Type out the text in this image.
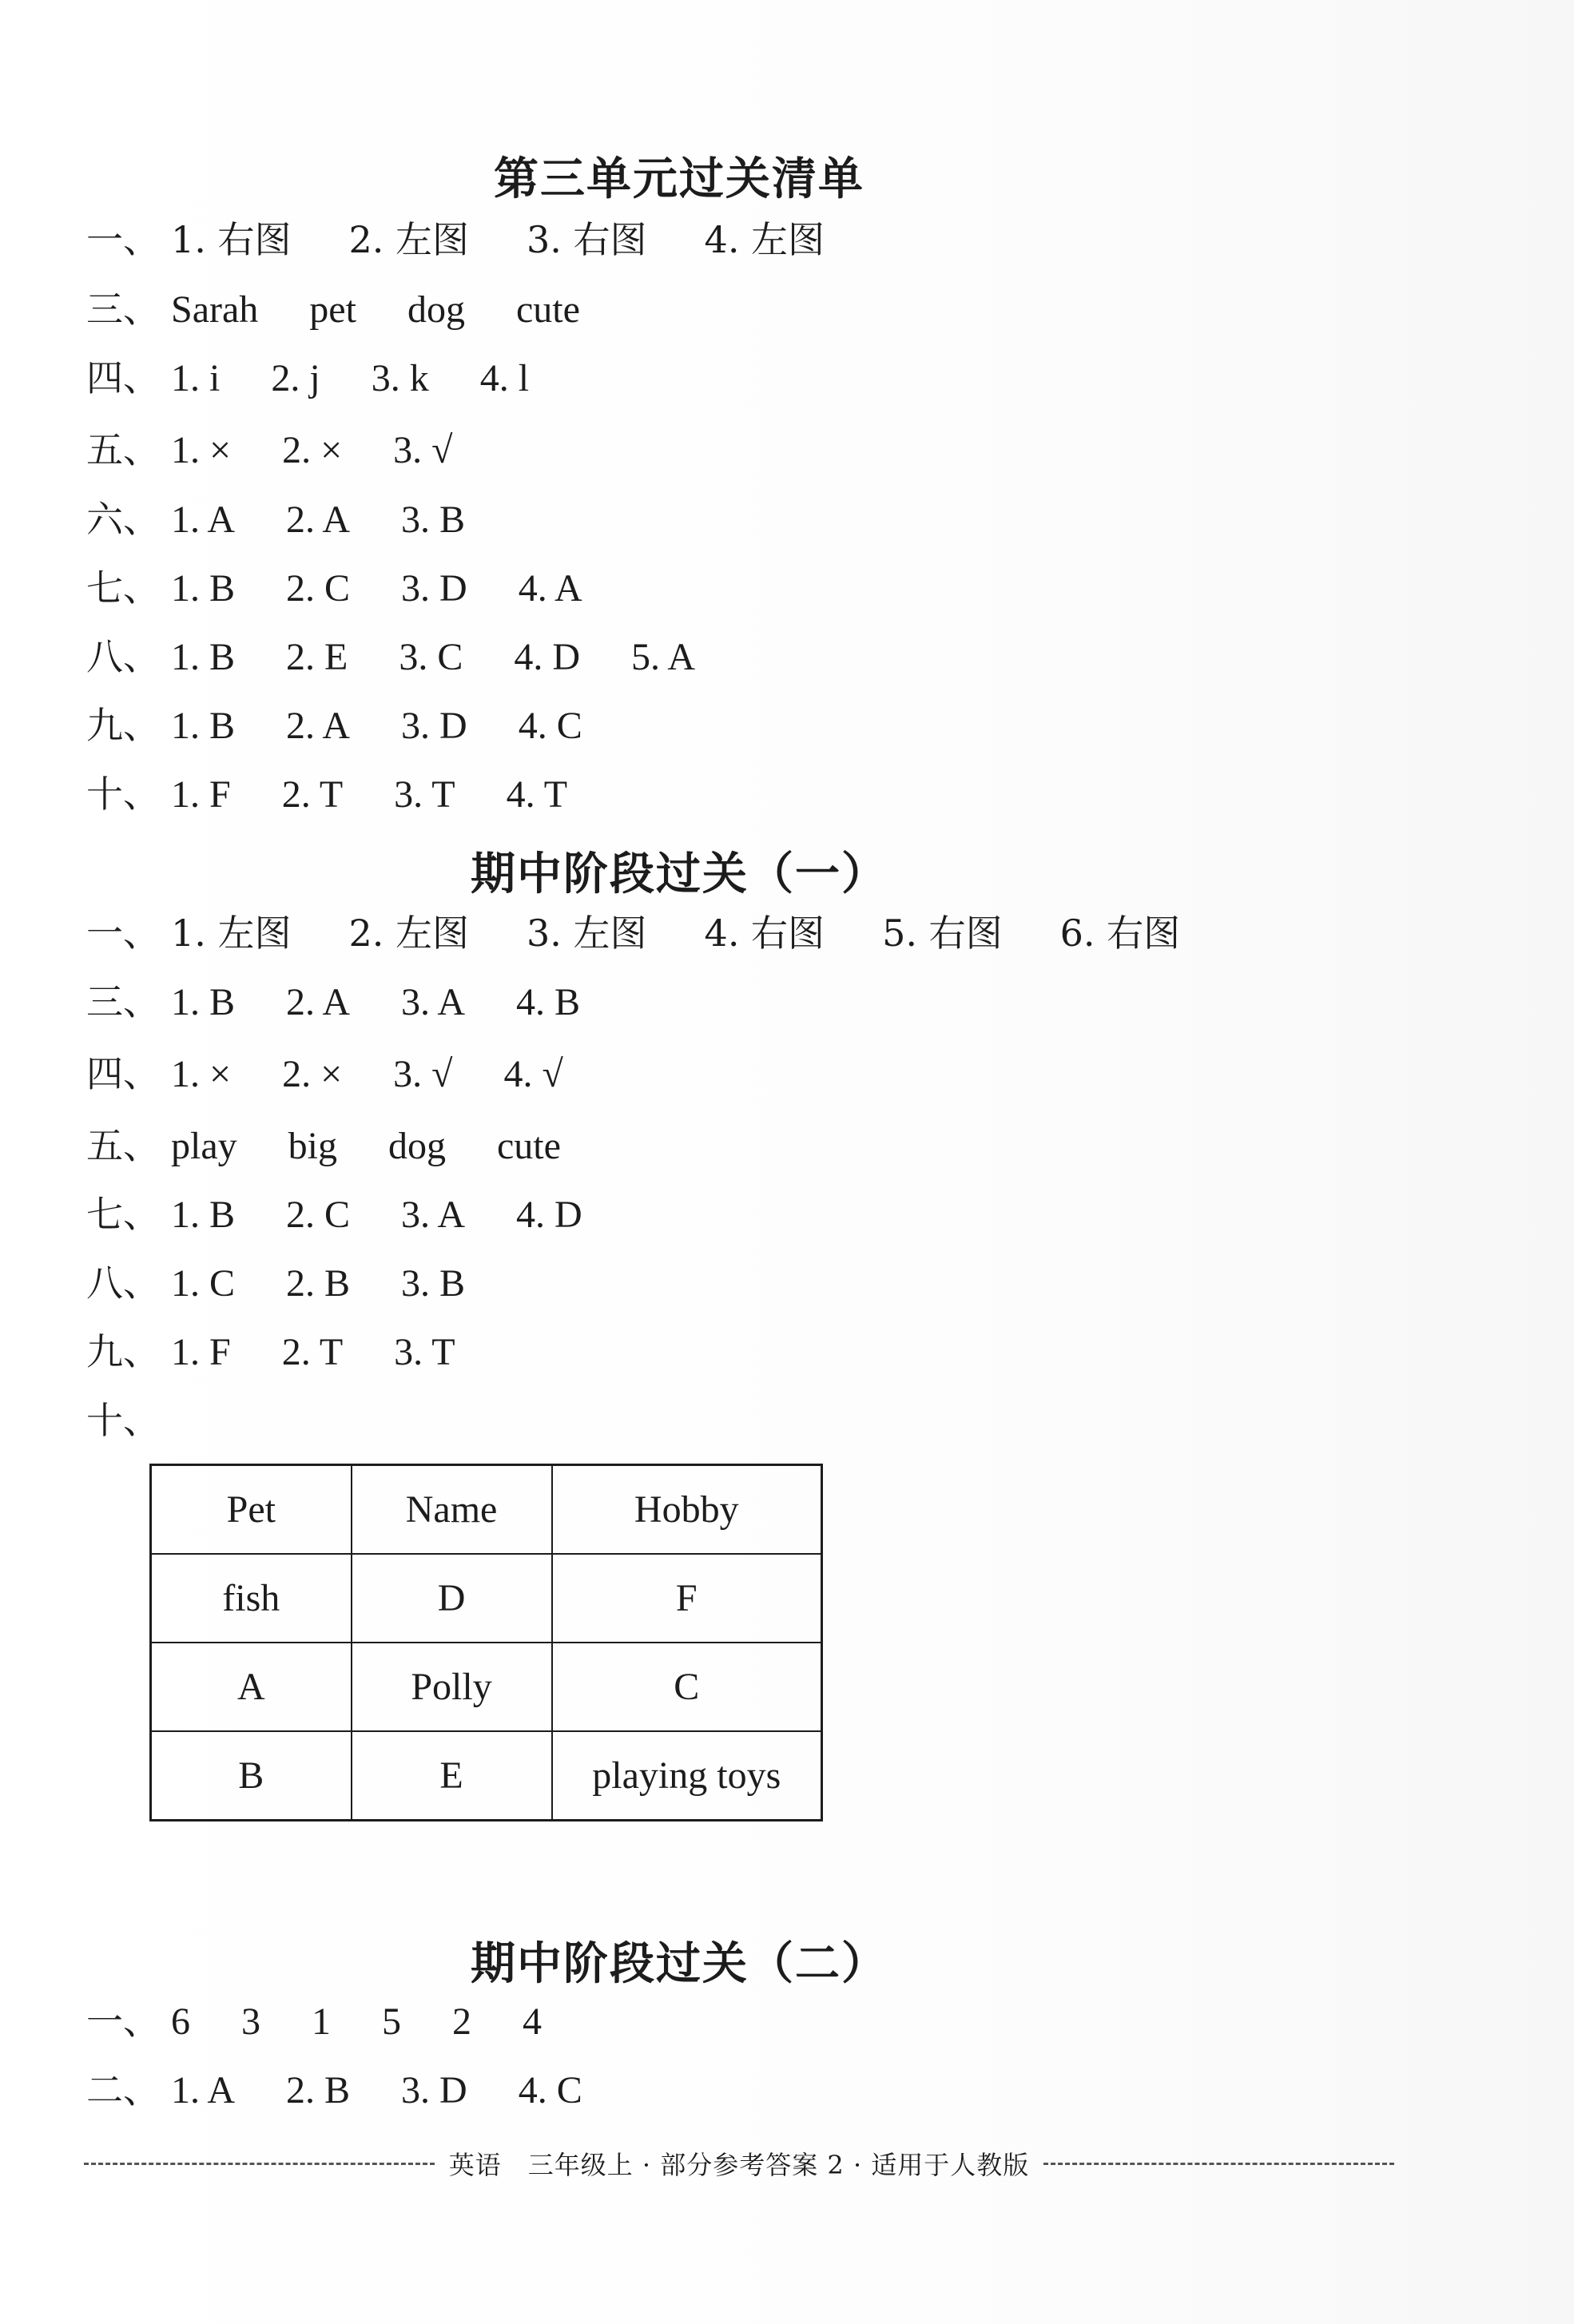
第三单元过关清单
一、 1. 右图 2. 左图 3. 右图 4. 左图
三、 Sarah pet dog cute
四、 1. i 2. j 3. k 4. l
五、 1. × 2. × 3. √
六、 1. A 2. A 3. B
七、 1. B 2. C 3. D 4. A
八、 1. B 2. E 3. C 4. D 5. A
九、 1. B 2. A 3. D 4. C
十、 1. F 2. T 3. T 4. T
期中阶段过关（一）
一、 1. 左图 2. 左图 3. 左图 4. 右图 5. 右图 6. 右图
三、 1. B 2. A 3. A 4. B
四、 1. × 2. × 3. √ 4. √
五、 play big dog cute
七、 1. B 2. C 3. A 4. D
八、 1. C 2. B 3. B
九、 1. F 2. T 3. T
十、
Pet	Name	Hobby
fish	D	F
A	Polly	C
B	E	playing toys
期中阶段过关（二）
一、 6 3 1 5 2 4
二、 1. A 2. B 3. D 4. C
英语　三年级上 · 部分参考答案 2 · 适用于人教版
